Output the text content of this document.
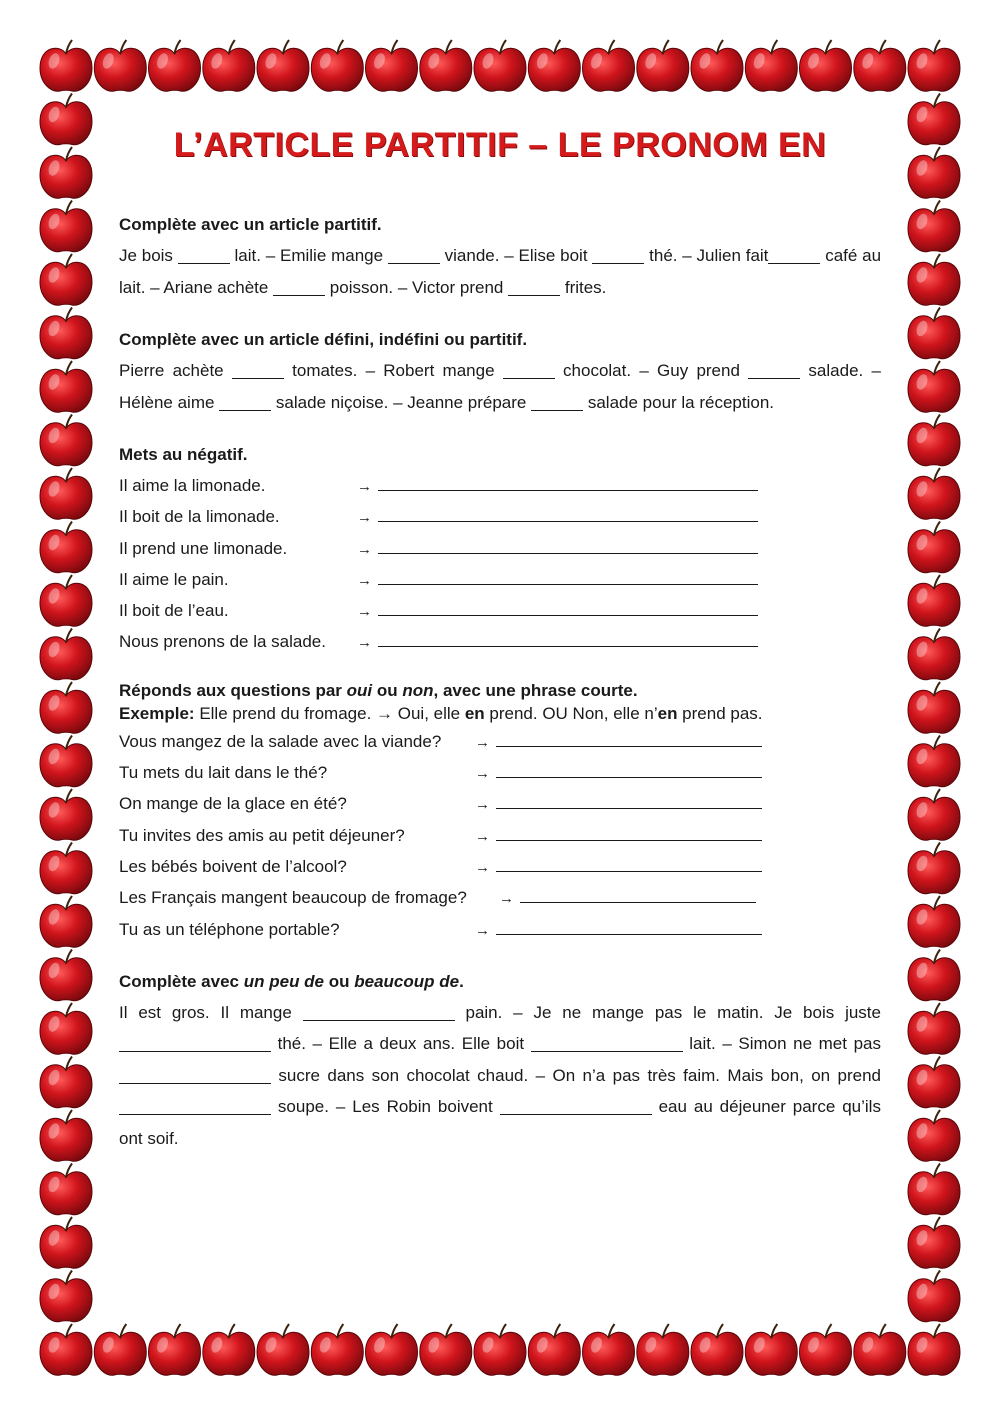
L’ARTICLE PARTITIF – LE PRONOM EN

Complète avec un article partitif.

Je bois	lait. – Emilie mange	viande. – Elise boit	thé. – Julien fait	café au lait. – Ariane achète	poisson. – Victor prend	frites.

Complète avec un article défini, indéfini ou partitif.

Pierre achète	tomates. – Robert mange	chocolat. – Guy prend	salade. – Hélène aime	salade niçoise. – Jeanne prépare	salade pour la réception.

Mets au négatif.

Il aime la limonade.	→
Il boit de la limonade.	→
Il prend une limonade.	→
Il aime le pain.	→
Il boit de l’eau.	→
Nous prenons de la salade.	→

Réponds aux questions par oui ou non, avec une phrase courte.

Exemple: Elle prend du fromage. → Oui, elle en prend. OU Non, elle n’en prend pas.

Vous mangez de la salade avec la viande?	→
Tu mets du lait dans le thé?	→
On mange de la glace en été?	→
Tu invites des amis au petit déjeuner?	→
Les bébés boivent de l’alcool?	→
Les Français mangent beaucoup de fromage?	→
Tu as un téléphone portable?	→

Complète avec un peu de ou beaucoup de.

Il est gros. Il mange	pain. – Je ne mange pas le matin. Je bois juste  thé. – Elle a deux ans. Elle boit	lait. – Simon ne met pas  sucre dans son chocolat chaud. – On n’a pas très faim. Mais bon, on prend  soupe. – Les Robin boivent	eau au déjeuner parce qu’ils ont soif.
